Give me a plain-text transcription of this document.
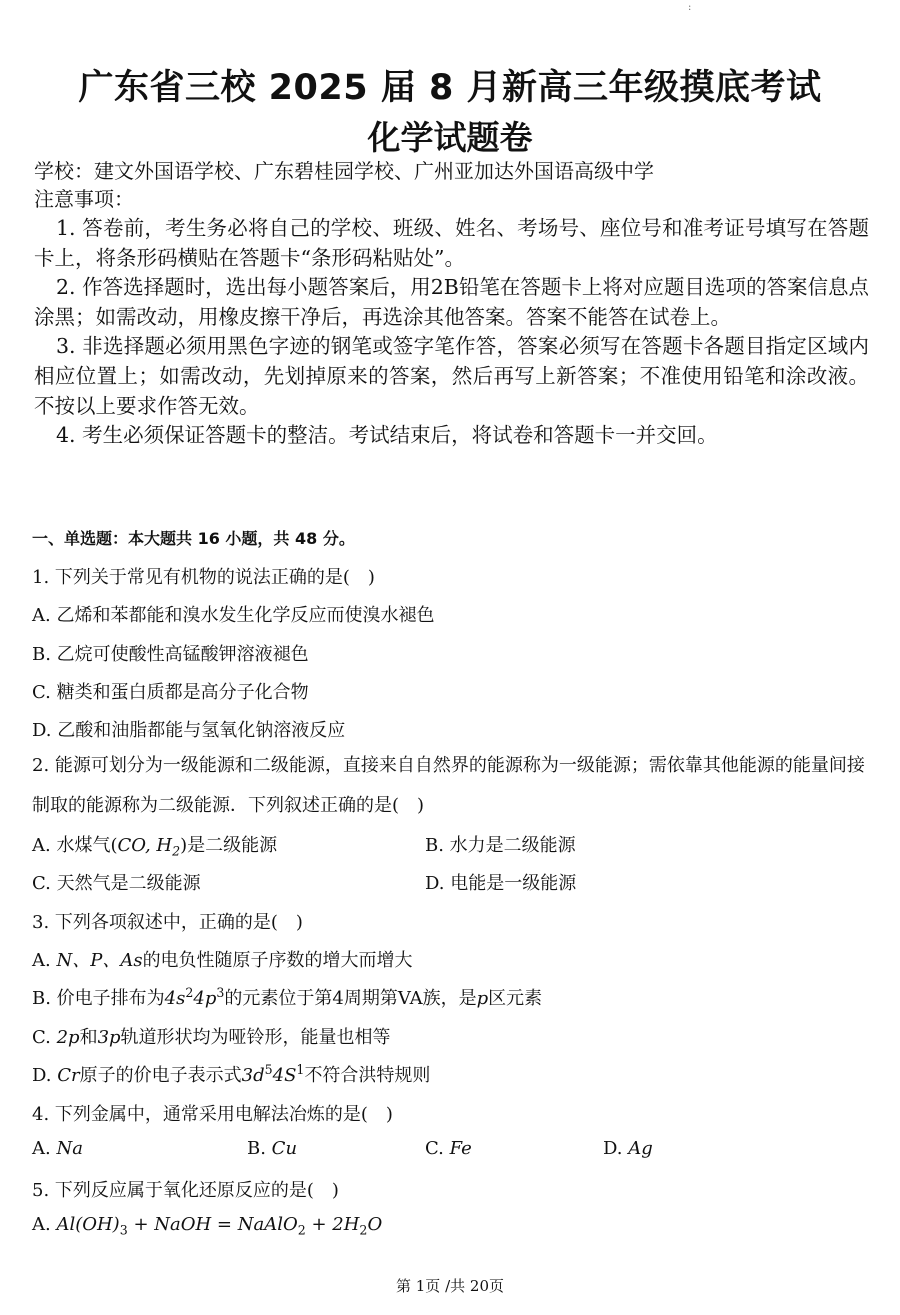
:
广东省三校 2025 届 8 月新高三年级摸底考试
化学试题卷
学校：建文外国语学校、广东碧桂园学校、广州亚加达外国语高级中学
注意事项：
1. 答卷前，考生务必将自己的学校、班级、姓名、考场号、座位号和准考证号填写在答题卡上，将条形码横贴在答题卡“条形码粘贴处”。
2. 作答选择题时，选出每小题答案后，用2B铅笔在答题卡上将对应题目选项的答案信息点涂黑；如需改动，用橡皮擦干净后，再选涂其他答案。答案不能答在试卷上。
3. 非选择题必须用黑色字迹的钢笔或签字笔作答，答案必须写在答题卡各题目指定区域内相应位置上；如需改动，先划掉原来的答案，然后再写上新答案；不准使用铅笔和涂改液。不按以上要求作答无效。
4. 考生必须保证答题卡的整洁。考试结束后，将试卷和答题卡一并交回。
一、单选题：本大题共 16 小题，共 48 分。
1. 下列关于常见有机物的说法正确的是(　)
A. 乙烯和苯都能和溴水发生化学反应而使溴水褪色
B. 乙烷可使酸性高锰酸钾溶液褪色
C. 糖类和蛋白质都是高分子化合物
D. 乙酸和油脂都能与氢氧化钠溶液反应
2. 能源可划分为一级能源和二级能源，直接来自自然界的能源称为一级能源；需依靠其他能源的能量间接制取的能源称为二级能源．下列叙述正确的是(　)
A. 水煤气(CO, $H_2$)是二级能源	B. 水力是二级能源
C. 天然气是二级能源	D. 电能是一级能源
3. 下列各项叙述中，正确的是(　)
A. N、P、As的电负性随原子序数的增大而增大
B. 价电子排布为$4s^24p^3$的元素位于第4周期第VA族，是p区元素
C. 2p和3p轨道形状均为哑铃形，能量也相等
D. Cr原子的价电子表示式$3d^54S^1$不符合洪特规则
4. 下列金属中，通常采用电解法冶炼的是(　)
A. Na	B. Cu	C. Fe	D. Ag
5. 下列反应属于氧化还原反应的是(　)
A. $Al(OH)_3$ + NaOH = NaAlO$_2$ + $2H_2O$
第 1页 /共 20页
